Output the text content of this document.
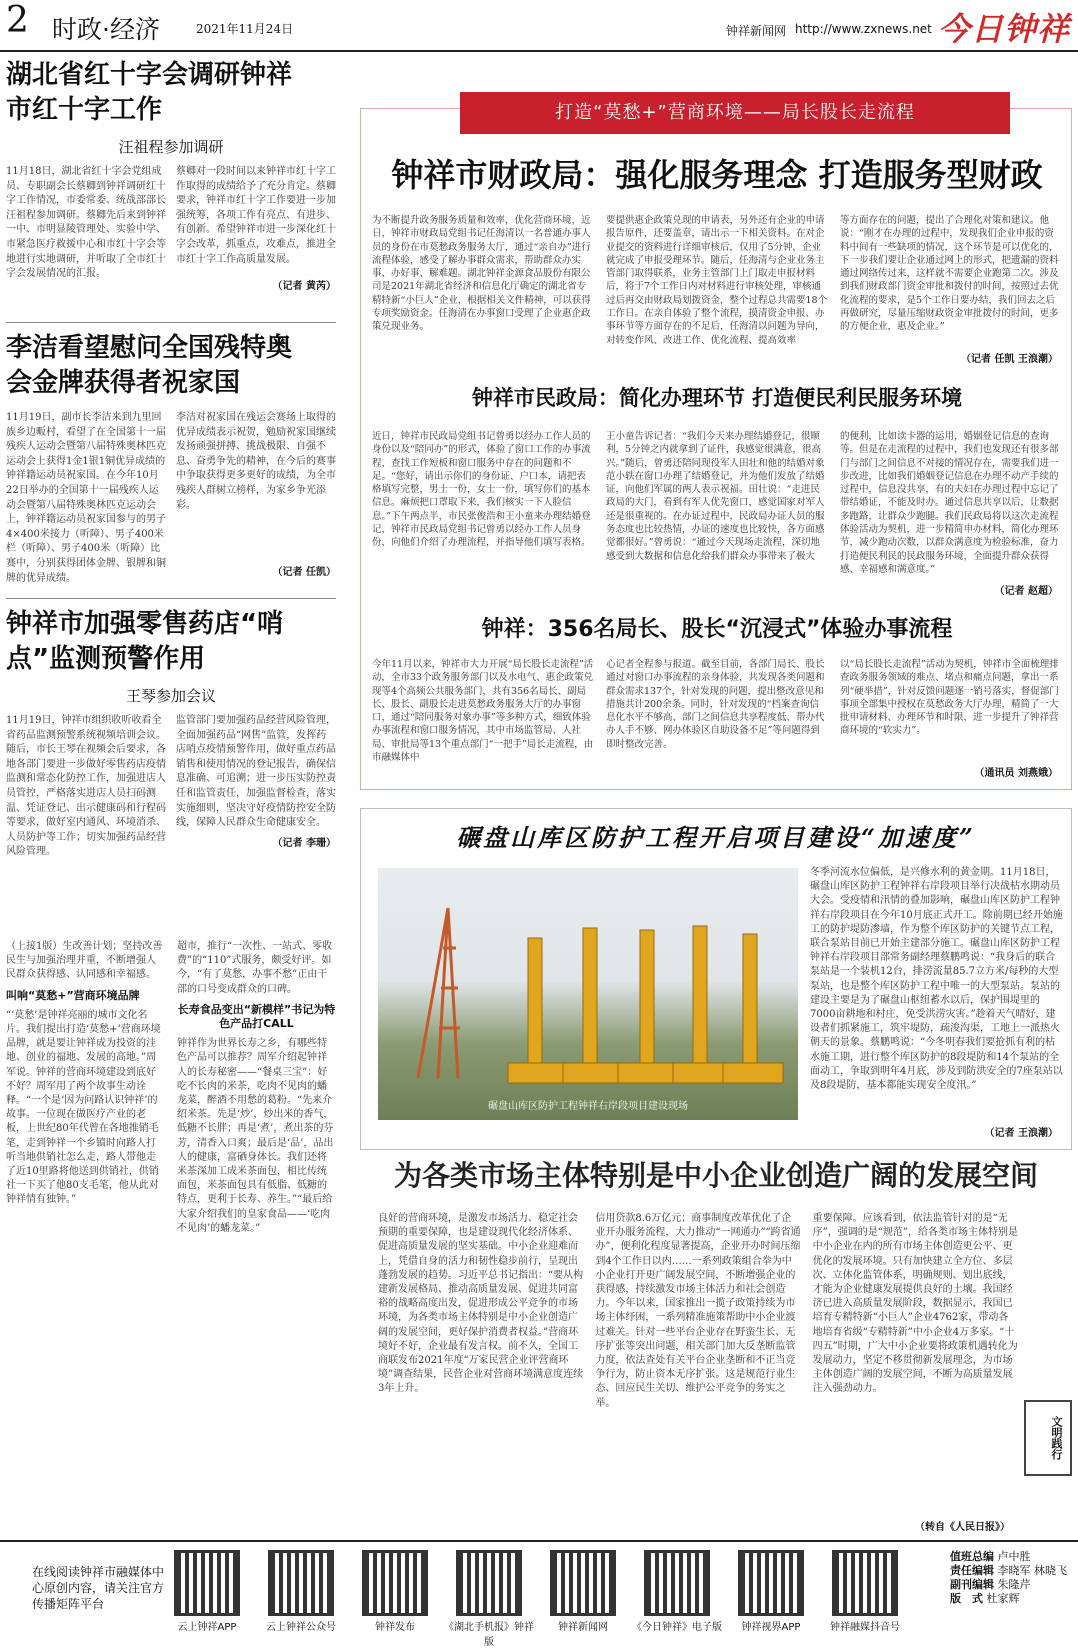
2 时政·经济	2021年11月24日	钟祥新闻网 http://www.zxnews.net 今日钟祥
湖北省红十字会调研钟祥市红十字工作
汪祖程参加调研
11月18日，湖北省红十字会党组成员、专职副会长蔡卿到钟祥调研红十字工作情况，市委常委、统战部部长汪祖程参加调研。蔡卿先后来到钟祥一中、市明显陵管理处、实验中学、市紧急医疗救援中心和市红十字会等地进行实地调研，并听取了全市红十字会发展情况的汇报。
蔡卿对一段时间以来钟祥市红十字工作取得的成绩给予了充分肯定。蔡卿要求，钟祥市红十字工作要进一步加强统筹，各项工作有亮点、有进步、有创新。希望钟祥市进一步深化红十字会改革，抓重点，攻难点，推进全市红十字工作高质量发展。
（记者 黄芮）
李洁看望慰问全国残特奥会金牌获得者祝家国
11月19日，副市长李洁来到九里回族乡边畈村，看望了在全国第十一届残疾人运动会暨第八届特殊奥林匹克运动会上获得1金1银1铜优异成绩的钟祥籍运动员祝家国。在今年10月22日举办的全国第十一届残疾人运动会暨第八届特殊奥林匹克运动会上，钟祥籍运动员祝家国参与的男子4×400米接力（听障）、男子400米栏（听障）、男子400米（听障）比赛中，分别获得团体金牌、银牌和铜牌的优异成绩。
李洁对祝家国在残运会赛场上取得的优异成绩表示祝贺，勉励祝家国继续发扬顽强拼搏、挑战极限、自强不息、奋勇争先的精神，在今后的赛事中争取获得更多更好的成绩，为全市残疾人群树立榜样，为家乡争光添彩。
（记者 任凯）
钟祥市加强零售药店“哨点”监测预警作用
王琴参加会议
11月19日，钟祥市组织收听收看全省药品监测预警系统视频培训会议。随后，市长王琴在视频会后要求，各地各部门要进一步做好零售药店疫情监测和常态化防控工作，加强进店人员管控，严格落实进店人员扫码测温、凭证登记、出示健康码和行程码等要求，做好室内通风、环境消杀、人员防护等工作；切实加强药品经营风险管理。
监管部门要加强药品经营风险管理，全面加强药品“网售”监管，发挥药店哨点疫情预警作用，做好重点药品销售和使用情况的登记报告，确保信息准确、可追溯；进一步压实防控责任和监管责任，加强监督检查，落实实施细则，坚决守好疫情防控安全防线，保障人民群众生命健康安全。
（记者 李珊）

（上接1版）生改善计划；坚持改善民生与加强治理并重，不断增强人民群众获得感、认同感和幸福感。

叫响“莫愁+”营商环境品牌

“‘莫愁’是钟祥亮丽的城市文化名片。我们提出打造‘莫愁+’营商环境品牌，就是要让钟祥成为投资的洼地、创业的福地、发展的高地。”周军说。钟祥的营商环境建设到底好不好？周军用了两个故事生动诠释。“一个是‘因为问路认识钟祥’的故事。一位现在做医疗产业的老板，上世纪80年代曾在各地推销毛笔，走到钟祥一个乡镇时向路人打听当地供销社怎么走，路人带他走了近10里路将他送到供销社，供销社一下买了他80支毛笔，他从此对钟祥情有独钟。”

超市，推行“一次性、一站式、零收费”的“110”式服务，颇受好评。如今，“有了莫愁，办事不愁”正由干部的口号变成群众的口碑。

长寿食品变出“新模样”书记为特色产品打CALL

钟祥作为世界长寿之乡，有哪些特色产品可以推荐？周军介绍起钟祥人的长寿秘密——“餐桌三宝”：好吃不长肉的米茶，吃肉不见肉的蟠龙菜，醉酒不用愁的葛粉。“先来介绍米茶。先是‘炒’，炒出米的香气，低糖不长胖；再是‘煮’，煮出茶的芬芳，清香入口爽；最后是‘品’，品出人的健康，富硒身体长。我们还将米茶深加工成米茶面包，相比传统面包，米茶面包具有低脂、低糖的特点，更利于长寿、养生。”“最后给大家介绍我们的皇家食品——‘吃肉不见肉’的蟠龙菜。”

打造“莫愁+”营商环境——局长股长走流程
钟祥市财政局：强化服务理念 打造服务型财政
为不断提升政务服务质量和效率，优化营商环境，近日，钟祥市财政局党组书记任海清以一名普通办事人员的身份在市莫愁政务服务大厅，通过“亲自办”进行流程体验，感受了解办事群众需求，帮助群众办实事、办好事、解难题。湖北钟祥金源食品股份有限公司是2021年湖北省经济和信息化厅确定的湖北省专精特新“小巨人”企业，根据相关文件精神，可以获得专项奖励资金。任海清在办事窗口受理了企业惠企政策兑现业务。
要提供惠企政策兑现的申请表，另外还有企业的申请报告原件，还要盖章，请出示一下相关资料。在对企业提交的资料进行详细审核后，仅用了5分钟，企业就完成了申报受理环节。随后，任海清与企业业务主管部门取得联系，业务主管部门上门取走申报材料后，将于7个工作日内对材料进行审核处理，审核通过后再交由财政局划拨资金，整个过程总共需要18个工作日。在亲自体验了整个流程，摸清资金申报、办事环节等方面存在的不足后，任海清以问题为导向，对转变作风、改进工作、优化流程、提高效率
等方面存在的问题，提出了合理化对策和建议。他说：“刚才在办理的过程中，发现我们企业申报的资料中间有一些缺项的情况，这个环节是可以优化的，下一步我们要让企业通过网上的形式，把遗漏的资料通过网络传过来，这样就不需要企业跑第二次。涉及到我们财政部门资金审批和拨付的时间，按照过去优化流程的要求，是5个工作日要办结，我们回去之后再做研究，尽量压缩财政资金审批拨付的时间，更多的方便企业，惠及企业。”
（记者 任凯 王浪潮）
钟祥市民政局：简化办理环节 打造便民利民服务环境
近日，钟祥市民政局党组书记曾勇以经办工作人员的身份以及“陪同办”的形式，体验了窗口工作的办事流程，查找工作短板和窗口服务中存在的问题和不足。“您好，请出示你们的身份证、户口本，请把表格填写完整，男士一份，女士一份，填写你们的基本信息。麻烦把口罩取下来，我们核实一下人脸信息。”下午两点半，市民张俊浩和王小童来办理结婚登记，钟祥市民政局党组书记曾勇以经办工作人员身份，向他们介绍了办理流程，并指导他们填写表格。
王小童告诉记者：“我们今天来办理结婚登记，很顺利，5分钟之内就拿到了证件，我感觉很满意，很高兴。”随后，曾勇还陪同现役军人田壮和他的结婚对象范小轶在窗口办理了结婚登记，并为他们发放了结婚证，向他们军属的两人表示祝福。田壮说：“走进民政局的大门，看到有军人优先窗口，感觉国家对军人还是很重视的。在办证过程中，民政局办证人员的服务态度也比较热情，办证的速度也比较快，各方面感觉都很好。”曾勇说：“通过今天现场走流程，深切地感受到大数据和信息化给我们群众办事带来了极大
的便利，比如读卡器的运用，婚姻登记信息的查询等。但是在走流程的过程中，我们也发现还有很多部门与部门之间信息不对接的情况存在，需要我们进一步改进，比如我们婚姻登记信息在办理不动产手续的过程中，信息没共享，有的夫妇在办理过程中忘记了带结婚证，不能及时办。通过信息共享以后，让数据多跑路，让群众少跑腿。我们民政局将以这次走流程体验活动为契机，进一步精简申办材料，简化办理环节，减少跑动次数，以群众满意度为检验标准，奋力打造便民利民的民政服务环境，全面提升群众获得感、幸福感和满意度。”
（记者 赵超）
钟祥：356名局长、股长“沉浸式”体验办事流程
今年11月以来，钟祥市大力开展“局长股长走流程”活动，全市33个政务服务部门以及水电气、惠企政策兑现等4个高频公共服务部门，共有356名局长、副局长、股长、副股长走进莫愁政务服务大厅的办事窗口，通过“陪同服务对象办事”等多种方式，细致体验办事流程和窗口服务情况，其中市场监管局、人社局、审批局等13个重点部门“一把手”局长走流程，由市融媒体中
心记者全程参与报道。截至目前，各部门局长、股长通过对窗口办事流程的亲身体验，共发现各类问题和群众需求137个，针对发现的问题，提出整改意见和措施共计200余条。同时，针对发现的“档案查询信息化水平不够高、部门之间信息共享程度低、帮办代办人手不够、网办体验区自助设备不足”等问题得到即时整改完善。
以“局长股长走流程”活动为契机，钟祥市全面梳理排查政务服务领域的难点、堵点和痛点问题，拿出一系列“硬举措”，针对反馈问题逐一销号落实，督促部门事项全部集中授权在莫愁政务大厅办理，精简了一大批申请材料、办理环节和时限，进一步提升了钟祥营商环境的“软实力”。
（通讯员 刘燕娥）
碾盘山库区防护工程开启项目建设“加速度”
碾盘山库区防护工程钟祥右岸段项目建设现场
冬季河流水位偏低，是兴修水利的黄金期。11月18日，碾盘山库区防护工程钟祥右岸段项目举行决战枯水期动员大会。受疫情和汛情的叠加影响，碾盘山库区防护工程钟祥右岸段项目在今年10月底正式开工。除前期已经开始施工的防护堤防渗墙，作为整个库区防护的关键节点工程，联合泵站目前已开始主建部分施工。碾盘山库区防护工程钟祥右岸段项目部常务副经理蔡鹏鸣说：“我身后的联合泵站是一个装机12台，排涝流量85.7立方米/每秒的大型泵站，也是整个库区防护工程中唯一的大型泵站。泵站的建设主要是为了碾盘山枢纽蓄水以后，保护围堤里的7000亩耕地和村庄，免受洪涝灾害。”趁着天气晴好，建设者们抓紧施工，筑牢堤防，疏浚沟渠，工地上一派热火朝天的景象。蔡鹏鸣说：“今冬明春我们要抢抓有利的枯水施工期，进行整个库区防护的8段堤防和14个泵站的全面动工，争取到明年4月底，涉及到防洪安全的7座泵站以及8段堤防，基本都能实现安全度汛。”
（记者 王浪潮）
为各类市场主体特别是中小企业创造广阔的发展空间
良好的营商环境，是激发市场活力、稳定社会预期的重要保障，也是建设现代化经济体系、促进高质量发展的坚实基础。中小企业迎难而上，凭借自身的活力和韧性稳步前行，呈现出蓬勃发展的趋势。习近平总书记指出：“要从构建新发展格局、推动高质量发展、促进共同富裕的战略高度出发，促进形成公平竞争的市场环境，为各类市场主体特别是中小企业创造广阔的发展空间，更好保护消费者权益。”营商环境好不好，企业最有发言权。前不久，全国工商联发布2021年度“万家民营企业评营商环境”调查结果，民营企业对营商环境满意度连续3年上升。
信用贷款8.6万亿元；商事制度改革优化了企业开办服务流程，大力推动“一网通办”“跨省通办”，便利化程度显著提高，企业开办时间压缩到4个工作日以内……一系列政策组合拳为中小企业打开更广阔发展空间，不断增强企业的获得感，持续激发市场主体活力和社会创造力。今年以来，国家推出一揽子政策持续为市场主体纾困，一系列精准施策帮助中小企业渡过难关。针对一些平台企业存在野蛮生长、无序扩张等突出问题，相关部门加大反垄断监管力度，依法查处有关平台企业垄断和不正当竞争行为，防止资本无序扩张。这是规范行业生态、回应民生关切、维护公平竞争的务实之举。
重要保障。应该看到，依法监管针对的是“无序”，强调的是“规范”，给各类市场主体特别是中小企业在内的所有市场主体创造更公平、更优化的发展环境。只有加快建立全方位、多层次、立体化监管体系，明确规则、划出底线，才能为企业健康发展提供良好的土壤。我国经济已进入高质量发展阶段，数据显示，我国已培育专精特新“小巨人”企业4762家，带动各地培育省级“专精特新”中小企业4万多家。“十四五”时期，广大中小企业要将政策机遇转化为发展动力，坚定不移贯彻新发展理念，为市场主体创造广阔的发展空间，不断为高质量发展注入强劲动力。
（转自《人民日报》）
文明践行
在线阅读钟祥市融媒体中心原创内容，请关注官方传播矩阵平台
云上钟祥APP	云上钟祥公众号	钟祥发布	《湖北手机报》钟祥版
钟祥新闻网	《今日钟祥》电子版	钟祥视界APP	钟祥融媒抖音号
值班总编 卢中胜
责任编辑 李晓军 林晓飞
副刊编辑 朱隆芹
版　式 杜家辉
